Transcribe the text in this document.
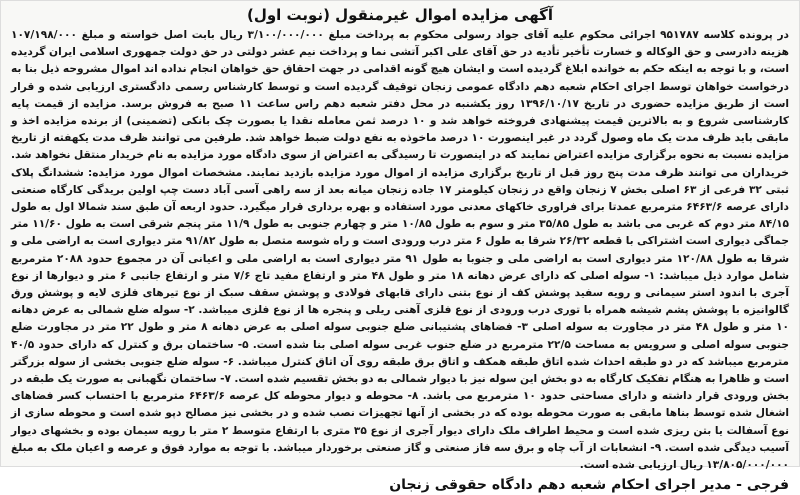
آگهی مزایده اموال غیرمنقول (نوبت اول)
در پرونده کلاسه ۹۵۱۷۸۷ اجرائی محکوم علیه آقای جواد رسولی محکوم به پرداخت مبلغ ۳/۱۰۰/۰۰۰/۰۰۰ ریال بابت اصل خواسته و مبلغ ۱۰۷/۱۹۸/۰۰۰ هزینه دادرسی و حق الوکاله و خسارت تأخیر تأدیه در حق آقای علی اکبر آتشی نما و پرداخت نیم عشر دولتی در حق دولت جمهوری اسلامی ایران گردیده است، و با توجه به اینکه حکم به خوانده ابلاغ گردیده است و ایشان هیچ گونه اقدامی در جهت احقاق حق خواهان انجام نداده اند اموال مشروحه ذیل بنا به درخواست خواهان توسط اجرای احکام شعبه دهم دادگاه عمومی زنجان توقیف گردیده است و توسط کارشناس رسمی دادگستری ارزیابی شده و قرار است از طریق مزایده حضوری در تاریخ ۱۳۹۶/۱۰/۱۷ روز یکشنبه در محل دفتر شعبه دهم راس ساعت ۱۱ صبح به فروش برسد. مزایده از قیمت پایه کارشناسی شروع و به بالاترین قیمت پیشنهادی فروخته خواهد شد و ۱۰ درصد ثمن معامله نقدا یا بصورت چک بانکی (تضمینی) از برنده مزایده اخذ و مابقی باید ظرف مدت یک ماه وصول گردد در غیر اینصورت ۱۰ درصد ماخوذه به نفع دولت ضبط خواهد شد. طرفین می توانند ظرف مدت یکهفته از تاریخ مزایده نسبت به نحوه برگزاری مزایده اعتراض نمایند که در اینصورت تا رسیدگی به اعتراض از سوی دادگاه مورد مزایده به نام خریدار منتقل نخواهد شد. خریداران می توانند ظرف مدت پنج روز قبل از تاریخ برگزاری مزایده از اموال مورد مزایده بازدید نمایند. مشخصات اموال مورد مزایده: ششدانگ پلاک ثبتی ۳۲ فرعی از ۶۳ اصلی بخش ۷ زنجان واقع در زنجان کیلومتر ۱۷ جاده زنجان میانه بعد از سه راهی آسی آباد دست چپ اولین بریدگی کارگاه صنعتی دارای عرصه ۶۴۶۳/۶ مترمربع عمدتا برای فراوری خاکهای معدنی مورد استفاده و بهره برداری قرار میگیرد. حدود اربعه آن طبق سند شمالا اول به طول ۸۴/۱۵ متر دوم که غربی می باشد به طول ۳۵/۸۵ متر و سوم به طول ۱۰/۸۵ متر و چهارم جنوبی به طول ۱۱/۹ متر پنجم شرقی است به طول ۱۱/۶۰ متر جماگی دیواری است اشتراکی با قطعه ۲۶/۳۲ شرقا به طول ۶ متر درب ورودی است و راه شوسه متصل به طول ۹۱/۸۲ متر دیواری است به اراضی ملی و شرقا به طول ۱۲۰/۸۸ متر دیواری است به اراضی ملی و جنوبا به طول ۹۱ متر دیواری است به اراضی ملی و اعیانی آن در مجموع حدود ۲۰۸۸ مترمربع شامل موارد ذیل میباشد: ۱- سوله اصلی که دارای عرض دهانه ۱۸ متر و طول ۴۸ متر و ارتفاع مفید تاج ۷/۶ متر و ارتفاع جانبی ۶ متر و دیوارها از نوع آجری با اندود استر سیمانی و رویه سفید پوشش کف از نوع بتنی دارای قابهای فولادی و پوشش سقف سبک از نوع تیرهای فلزی لایه و پوشش ورق گالوانیزه با پوشش پشم شیشه همراه با توری درب ورودی از نوع فلزی آهنی ریلی و پنجره ها از نوع فلزی میباشد. ۲- سوله ضلع شمالی به عرض دهانه ۱۰ متر و طول ۴۸ متر در مجاورت به سوله اصلی ۳- فضاهای پشتیبانی ضلع جنوبی سوله اصلی به عرض دهانه ۸ متر و طول ۲۲ متر در مجاورت ضلع جنوبی سوله اصلی و سرویس به مساحت ۲۲/۵ مترمربع در ضلع جنوب غربی سوله اصلی بنا شده است. ۵- ساختمان برق و کنترل که دارای حدود ۴۰/۵ مترمربع میباشد که در دو طبقه احداث شده اتاق طبقه همکف و اتاق برق طبقه روی آن اتاق کنترل میباشد. ۶- سوله ضلع جنوبی بخشی از سوله بزرگتر است و ظاهرا به هنگام تفکیک کارگاه به دو بخش این سوله نیز با دیوار شمالی به دو بخش تقسیم شده است. ۷- ساختمان نگهبانی به صورت یک طبقه در بخش ورودی قرار داشته و دارای مساحتی حدود ۱۰ مترمربع می باشد. ۸- محوطه و دیوار محوطه کل عرصه ۶۴۶۳/۶ مترمربع با احتساب کسر فضاهای اشغال شده توسط بناها مابقی به صورت محوطه بوده که در بخشی از آنها تجهیزات نصب شده و در بخشی نیز مصالح دپو شده است و محوطه سازی از نوع آسفالت یا بتن ریزی شده است و محیط اطراف ملک دارای دیوار آجری از نوع ۳۵ متری با ارتفاع متوسط ۲ متر با رویه سیمان بوده و بخشهای دیوار آسیب دیدگی شده است. ۹- انشعابات از آب چاه و برق سه فاز صنعتی و گاز صنعتی برخوردار میباشد. با توجه به موارد فوق و عرصه و اعیان ملک به مبلغ ۱۳/۸۰۵/۰۰۰/۰۰۰ ریال ارزیابی شده است.
فرجی - مدیر اجرای احکام شعبه دهم دادگاه حقوقی زنجان
